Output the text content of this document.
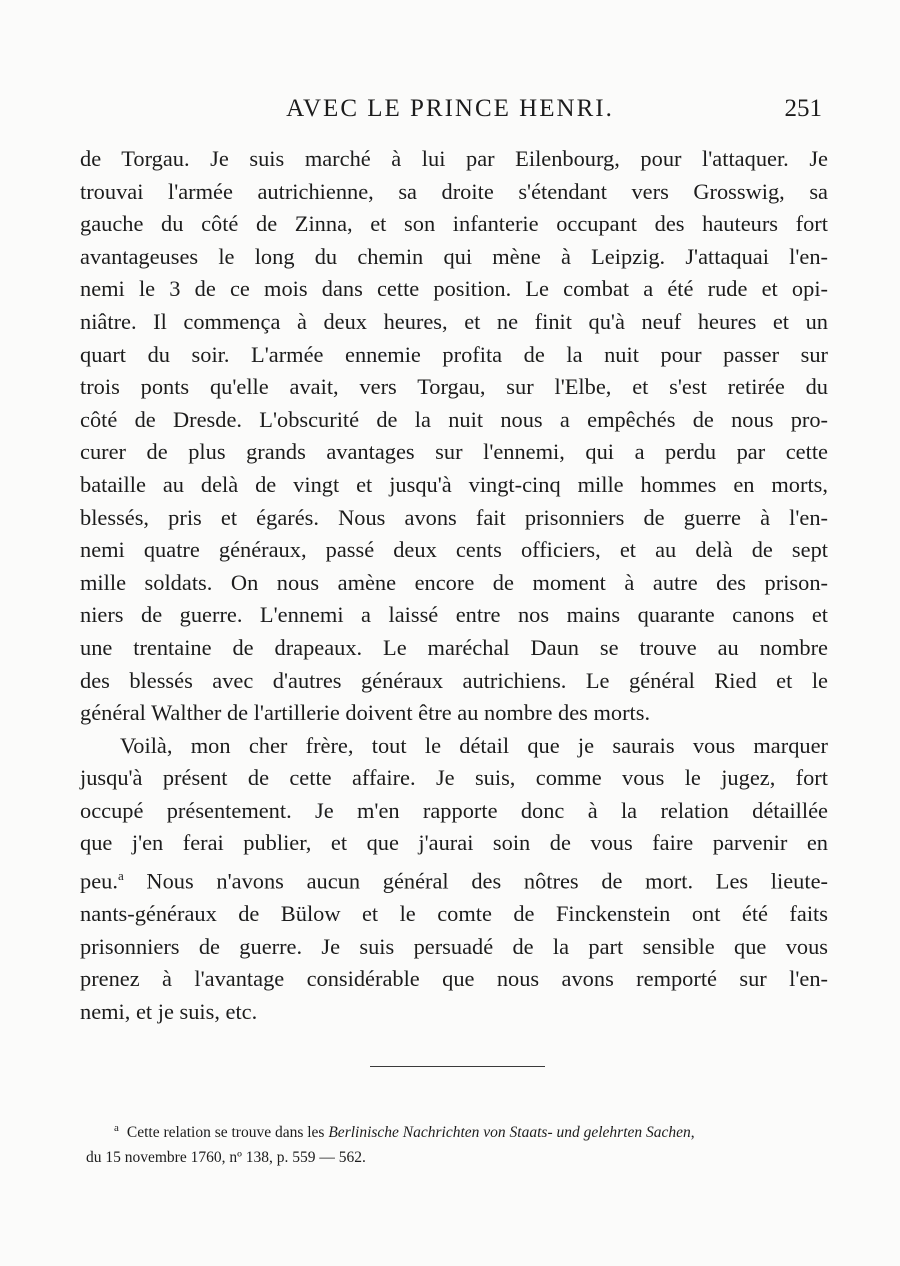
AVEC LE PRINCE HENRI.	251
de Torgau. Je suis marché à lui par Eilenbourg, pour l'attaquer. Je
trouvai l'armée autrichienne, sa droite s'étendant vers Grosswig, sa
gauche du côté de Zinna, et son infanterie occupant des hauteurs fort
avantageuses le long du chemin qui mène à Leipzig. J'attaquai l'en-
nemi le 3 de ce mois dans cette position. Le combat a été rude et opi-
niâtre. Il commença à deux heures, et ne finit qu'à neuf heures et un
quart du soir. L'armée ennemie profita de la nuit pour passer sur
trois ponts qu'elle avait, vers Torgau, sur l'Elbe, et s'est retirée du
côté de Dresde. L'obscurité de la nuit nous a empêchés de nous pro-
curer de plus grands avantages sur l'ennemi, qui a perdu par cette
bataille au delà de vingt et jusqu'à vingt-cinq mille hommes en morts,
blessés, pris et égarés. Nous avons fait prisonniers de guerre à l'en-
nemi quatre généraux, passé deux cents officiers, et au delà de sept
mille soldats. On nous amène encore de moment à autre des prison-
niers de guerre. L'ennemi a laissé entre nos mains quarante canons et
une trentaine de drapeaux. Le maréchal Daun se trouve au nombre
des blessés avec d'autres généraux autrichiens. Le général Ried et le
général Walther de l'artillerie doivent être au nombre des morts.
Voilà, mon cher frère, tout le détail que je saurais vous marquer
jusqu'à présent de cette affaire. Je suis, comme vous le jugez, fort
occupé présentement. Je m'en rapporte donc à la relation détaillée
que j'en ferai publier, et que j'aurai soin de vous faire parvenir en
peu.$^a$ Nous n'avons aucun général des nôtres de mort. Les lieute-
nants-généraux de Bülow et le comte de Finckenstein ont été faits
prisonniers de guerre. Je suis persuadé de la part sensible que vous
prenez à l'avantage considérable que nous avons remporté sur l'en-
nemi, et je suis, etc.
$^a$ Cette relation se trouve dans les Berlinische Nachrichten von Staats- und gelehrten Sachen,
du 15 novembre 1760, nº 138, p. 559 — 562.
